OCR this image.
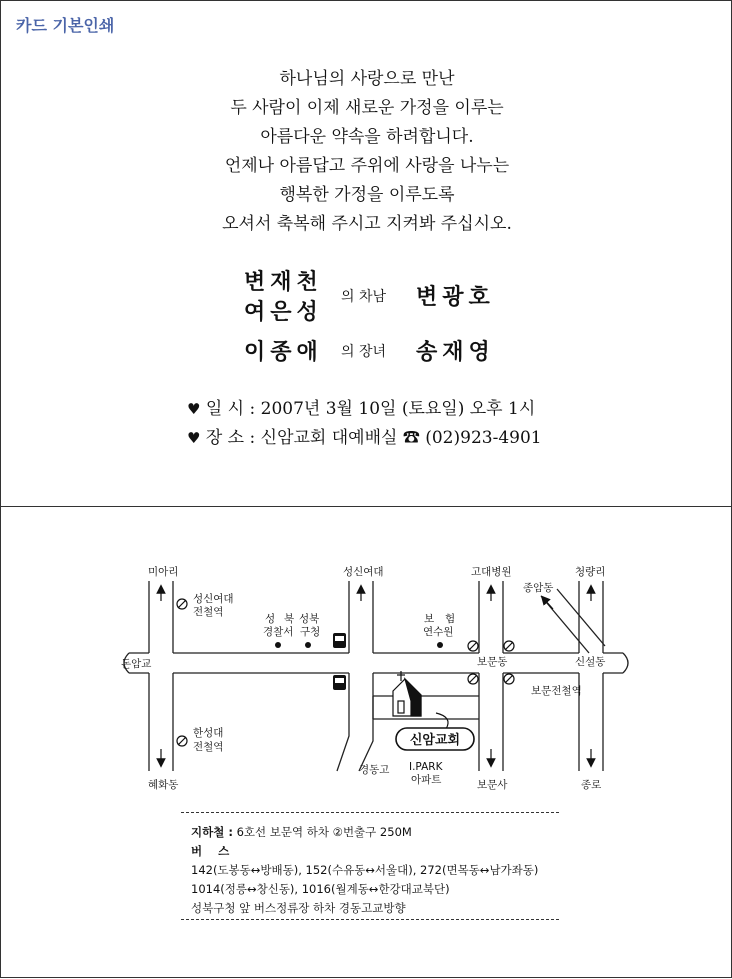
카드 기본인쇄
하나님의 사랑으로 만난
두 사람이 이제 새로운 가정을 이루는
아름다운 약속을 하려합니다.
언제나 아름답고 주위에 사랑을 나누는
행복한 가정을 이루도록
오셔서 축복해 주시고 지켜봐 주십시오.
변재천
여은성
의 차남 변광호
이종애 의 장녀 송재영
♥ 일 시 : 2007년 3월 10일 (토요일) 오후 1시
♥ 장 소 : 신암교회 대예배실 ☎ (02)923-4901
미아리
성신여대
전철역
돈암교
한성대
전철역
혜화동
성 북
경찰서
성북
구청
성신여대
보 험
연수원
고대병원
보문동
보문전철역
종암동
청량리
신설동
경동고 I.PARK
아파트	보문사	종로
신암교회
지하철 : 6호선 보문역 하차 ②번출구 250M
버    스
142(도봉동↔방배동), 152(수유동↔서울대), 272(면목동↔남가좌동)
1014(정릉↔창신동), 1016(월계동↔한강대교북단)
성북구청 앞 버스정류장 하차 경동고교방향
